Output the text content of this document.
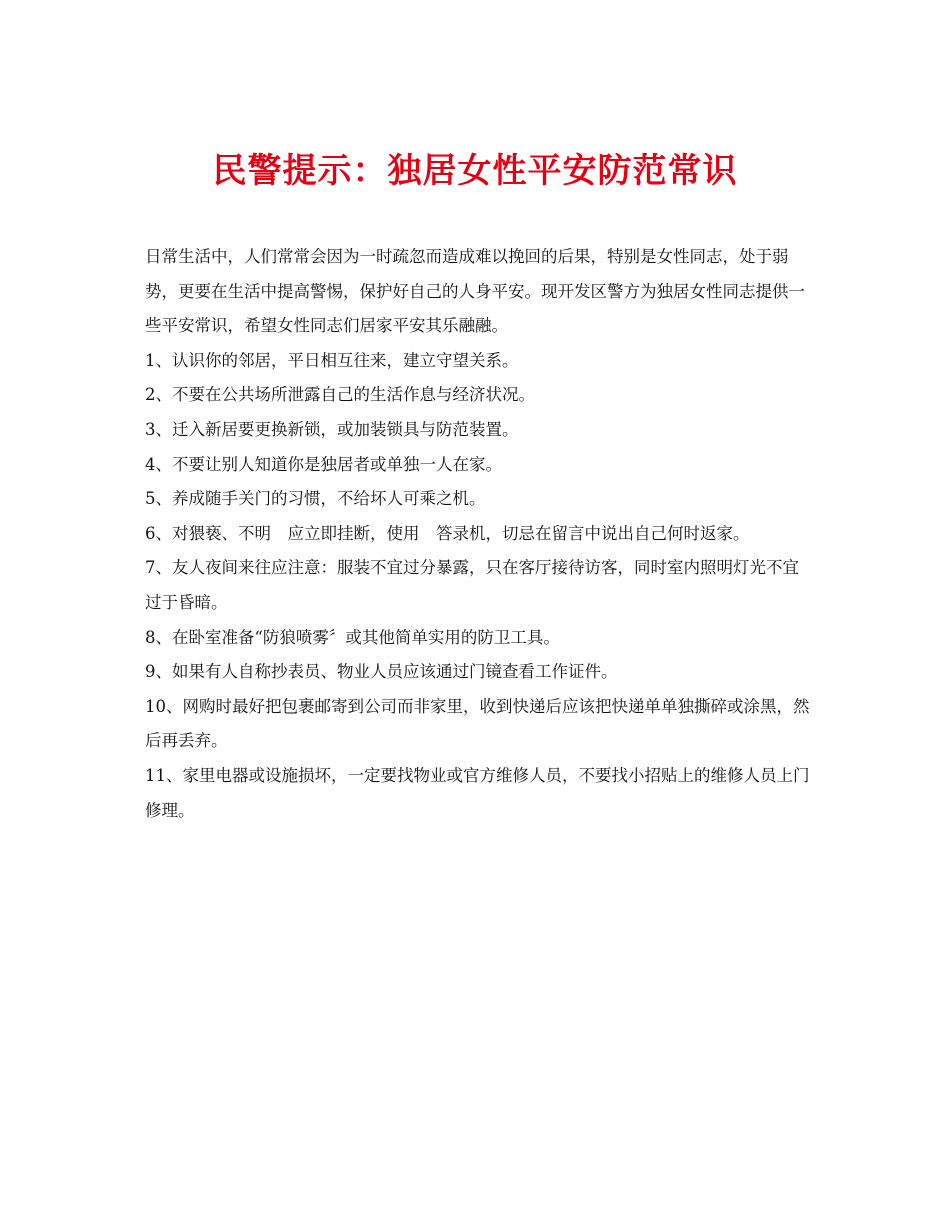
民警提示：独居女性平安防范常识

日常生活中，人们常常会因为一时疏忽而造成难以挽回的后果，特别是女性同志，处于弱势，更要在生活中提高警惕，保护好自己的人身平安。现开发区警方为独居女性同志提供一些平安常识，希望女性同志们居家平安其乐融融。

1、认识你的邻居，平日相互往来，建立守望关系。

2、不要在公共场所泄露自己的生活作息与经济状况。

3、迁入新居要更换新锁，或加装锁具与防范装置。

4、不要让别人知道你是独居者或单独一人在家。

5、养成随手关门的习惯，不给坏人可乘之机。

6、对猥亵、不明　应立即挂断，使用　答录机，切忌在留言中说出自己何时返家。

7、友人夜间来往应注意：服装不宜过分暴露，只在客厅接待访客，同时室内照明灯光不宜过于昏暗。

8、在卧室准备“防狼喷雾〞或其他简单实用的防卫工具。

9、如果有人自称抄表员、物业人员应该通过门镜查看工作证件。

10、网购时最好把包裹邮寄到公司而非家里，收到快递后应该把快递单单独撕碎或涂黑，然后再丢弃。

11、家里电器或设施损坏，一定要找物业或官方维修人员，不要找小招贴上的维修人员上门修理。
